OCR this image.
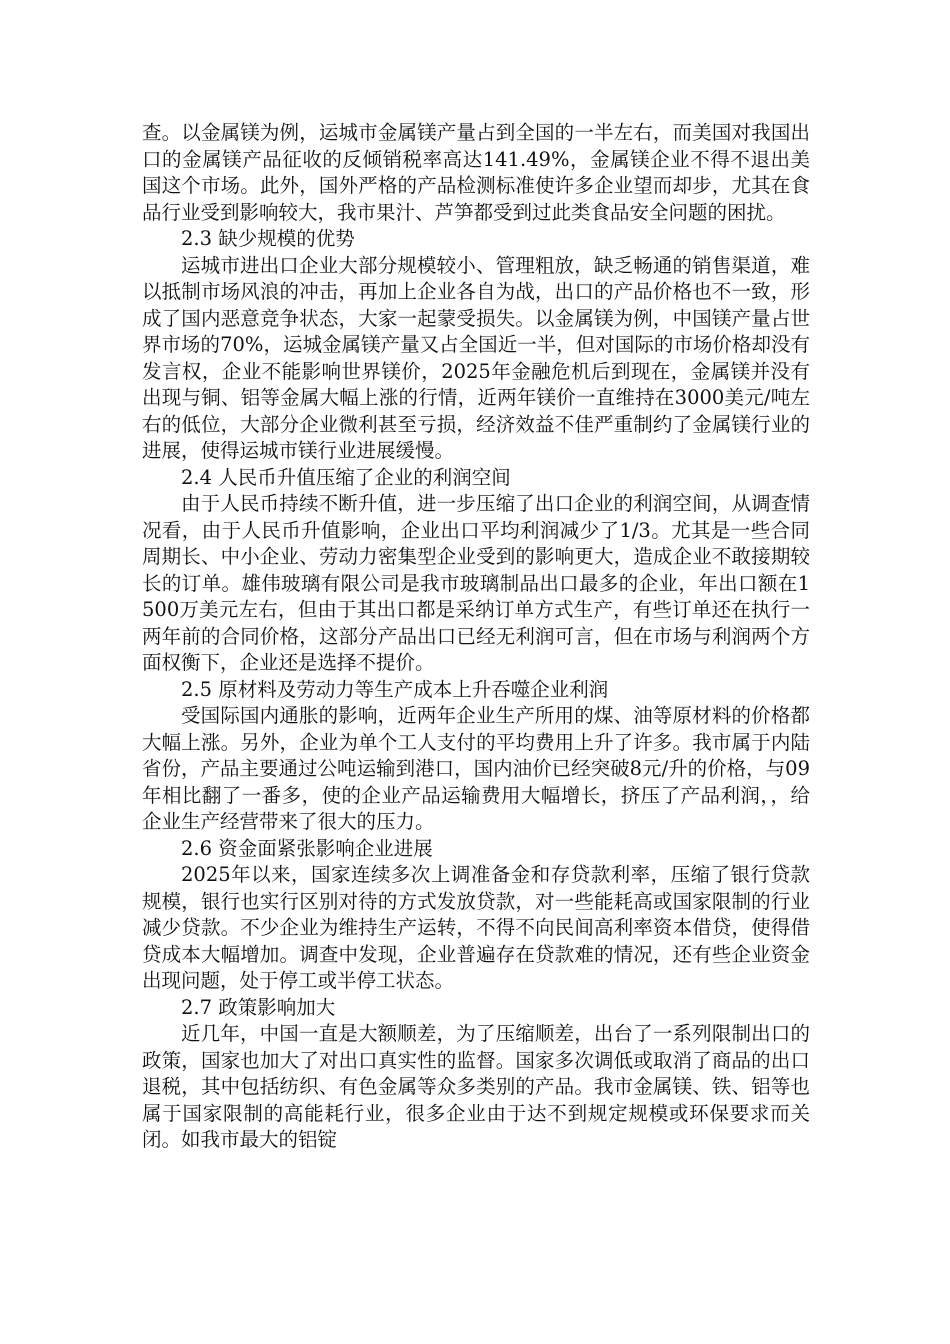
查。以金属镁为例，运城市金属镁产量占到全国的一半左右，而美国对我国出口的金属镁产品征收的反倾销税率高达141.49%，金属镁企业不得不退出美国这个市场。此外，国外严格的产品检测标准使许多企业望而却步，尤其在食品行业受到影响较大，我市果汁、芦笋都受到过此类食品安全问题的困扰。

2.3 缺少规模的优势

运城市进出口企业大部分规模较小、管理粗放，缺乏畅通的销售渠道，难以抵制市场风浪的冲击，再加上企业各自为战，出口的产品价格也不一致，形成了国内恶意竞争状态，大家一起蒙受损失。以金属镁为例，中国镁产量占世界市场的70%，运城金属镁产量又占全国近一半，但对国际的市场价格却没有发言权，企业不能影响世界镁价，2025年金融危机后到现在，金属镁并没有出现与铜、铝等金属大幅上涨的行情，近两年镁价一直维持在3000美元/吨左右的低位，大部分企业微利甚至亏损，经济效益不佳严重制约了金属镁行业的进展，使得运城市镁行业进展缓慢。

2.4 人民币升值压缩了企业的利润空间

由于人民币持续不断升值，进一步压缩了出口企业的利润空间，从调查情况看，由于人民币升值影响，企业出口平均利润减少了1/3。尤其是一些合同周期长、中小企业、劳动力密集型企业受到的影响更大，造成企业不敢接期较长的订单。雄伟玻璃有限公司是我市玻璃制品出口最多的企业，年出口额在1500万美元左右，但由于其出口都是采纳订单方式生产，有些订单还在执行一两年前的合同价格，这部分产品出口已经无利润可言，但在市场与利润两个方面权衡下，企业还是选择不提价。

2.5 原材料及劳动力等生产成本上升吞噬企业利润

受国际国内通胀的影响，近两年企业生产所用的煤、油等原材料的价格都大幅上涨。另外，企业为单个工人支付的平均费用上升了许多。我市属于内陆省份，产品主要通过公吨运输到港口，国内油价已经突破8元/升的价格，与09年相比翻了一番多，使的企业产品运输费用大幅增长，挤压了产品利润，，给企业生产经营带来了很大的压力。

2.6 资金面紧张影响企业进展

2025年以来，国家连续多次上调准备金和存贷款利率，压缩了银行贷款规模，银行也实行区别对待的方式发放贷款，对一些能耗高或国家限制的行业减少贷款。不少企业为维持生产运转，不得不向民间高利率资本借贷，使得借贷成本大幅增加。调查中发现，企业普遍存在贷款难的情况，还有些企业资金出现问题，处于停工或半停工状态。

2.7 政策影响加大

近几年，中国一直是大额顺差，为了压缩顺差，出台了一系列限制出口的政策，国家也加大了对出口真实性的监督。国家多次调低或取消了商品的出口退税，其中包括纺织、有色金属等众多类别的产品。我市金属镁、铁、铝等也属于国家限制的高能耗行业，很多企业由于达不到规定规模或环保要求而关闭。如我市最大的铝锭
